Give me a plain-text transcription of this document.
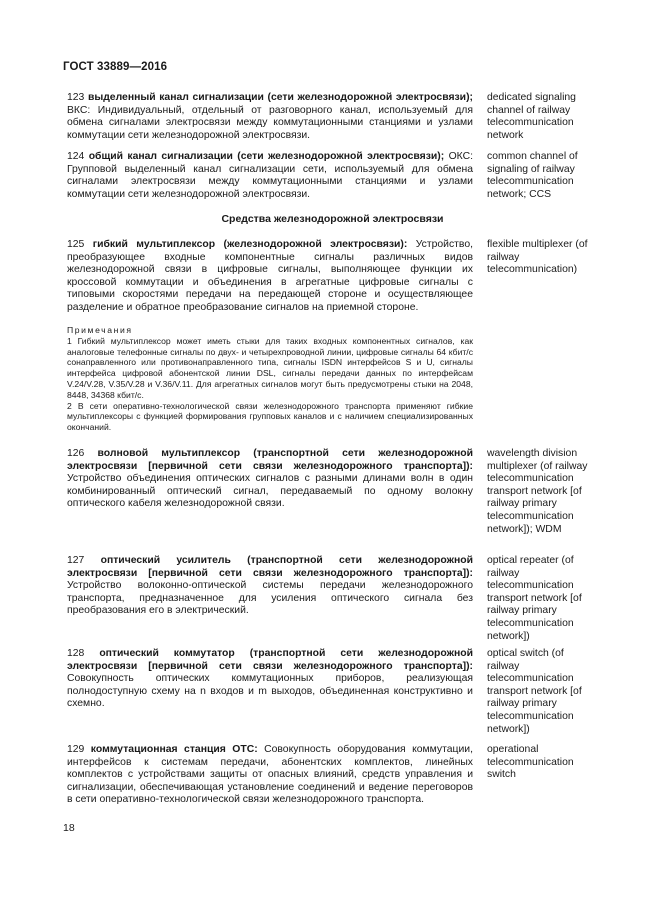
ГОСТ 33889—2016
123 выделенный канал сигнализации (сети железнодорожной электросвязи); ВКС: Индивидуальный, отдельный от разговорного канал, используемый для обмена сигналами электросвязи между коммутационными станциями и узлами коммутации сети железнодорожной электросвязи.
dedicated signaling channel of railway telecommunication network
124 общий канал сигнализации (сети железнодорожной электросвязи); ОКС: Групповой выделенный канал сигнализации сети, используемый для обмена сигналами электросвязи между коммутационными станциями и узлами коммутации сети железнодорожной электросвязи.
common channel of signaling of railway telecommunication network; CCS
Средства железнодорожной электросвязи
125 гибкий мультиплексор (железнодорожной электросвязи): Устройство, преобразующее входные компонентные сигналы различных видов железнодорожной связи в цифровые сигналы, выполняющее функции их кроссовой коммутации и объединения в агрегатные цифровые сигналы с типовыми скоростями передачи на передающей стороне и осуществляющее разделение и обратное преобразование сигналов на приемной стороне.
flexible multiplexer (of railway telecommunication)
Примечания
1 Гибкий мультиплексор может иметь стыки для таких входных компонентных сигналов, как аналоговые телефонные сигналы по двух- и четырехпроводной линии, цифровые сигналы 64 кбит/с сонаправленного или противонаправленного типа, сигналы ISDN интерфейсов S и U, сигналы интерфейса цифровой абонентской линии DSL, сигналы передачи данных по интерфейсам V.24/V.28, V.35/V.28 и V.36/V.11. Для агрегатных сигналов могут быть предусмотрены стыки на 2048, 8448, 34368 кбит/с.
2 В сети оперативно-технологической связи железнодорожного транспорта применяют гибкие мультиплексоры с функцией формирования групповых каналов и с наличием специализированных окончаний.
126 волновой мультиплексор (транспортной сети железнодорожной электросвязи [первичной сети связи железнодорожного транспорта]): Устройство объединения оптических сигналов с разными длинами волн в один комбинированный оптический сигнал, передаваемый по одному волокну оптического кабеля железнодорожной связи.
wavelength division multiplexer (of railway telecommunication transport network [of railway primary telecommunication network]); WDM
127 оптический усилитель (транспортной сети железнодорожной электросвязи [первичной сети связи железнодорожного транспорта]): Устройство волоконно-оптической системы передачи железнодорожного транспорта, предназначенное для усиления оптического сигнала без преобразования его в электрический.
optical repeater (of railway telecommunication transport network [of railway primary telecommunication network])
128 оптический коммутатор (транспортной сети железнодорожной электросвязи [первичной сети связи железнодорожного транспорта]): Совокупность оптических коммутационных приборов, реализующая полнодоступную схему на n входов и m выходов, объединенная конструктивно и схемно.
optical switch (of railway telecommunication transport network [of railway primary telecommunication network])
129 коммутационная станция ОТС: Совокупность оборудования коммутации, интерфейсов к системам передачи, абонентских комплектов, линейных комплектов с устройствами защиты от опасных влияний, средств управления и сигнализации, обеспечивающая установление соединений и ведение переговоров в сети оперативно-технологической связи железнодорожного транспорта.
operational telecommunication switch
18
